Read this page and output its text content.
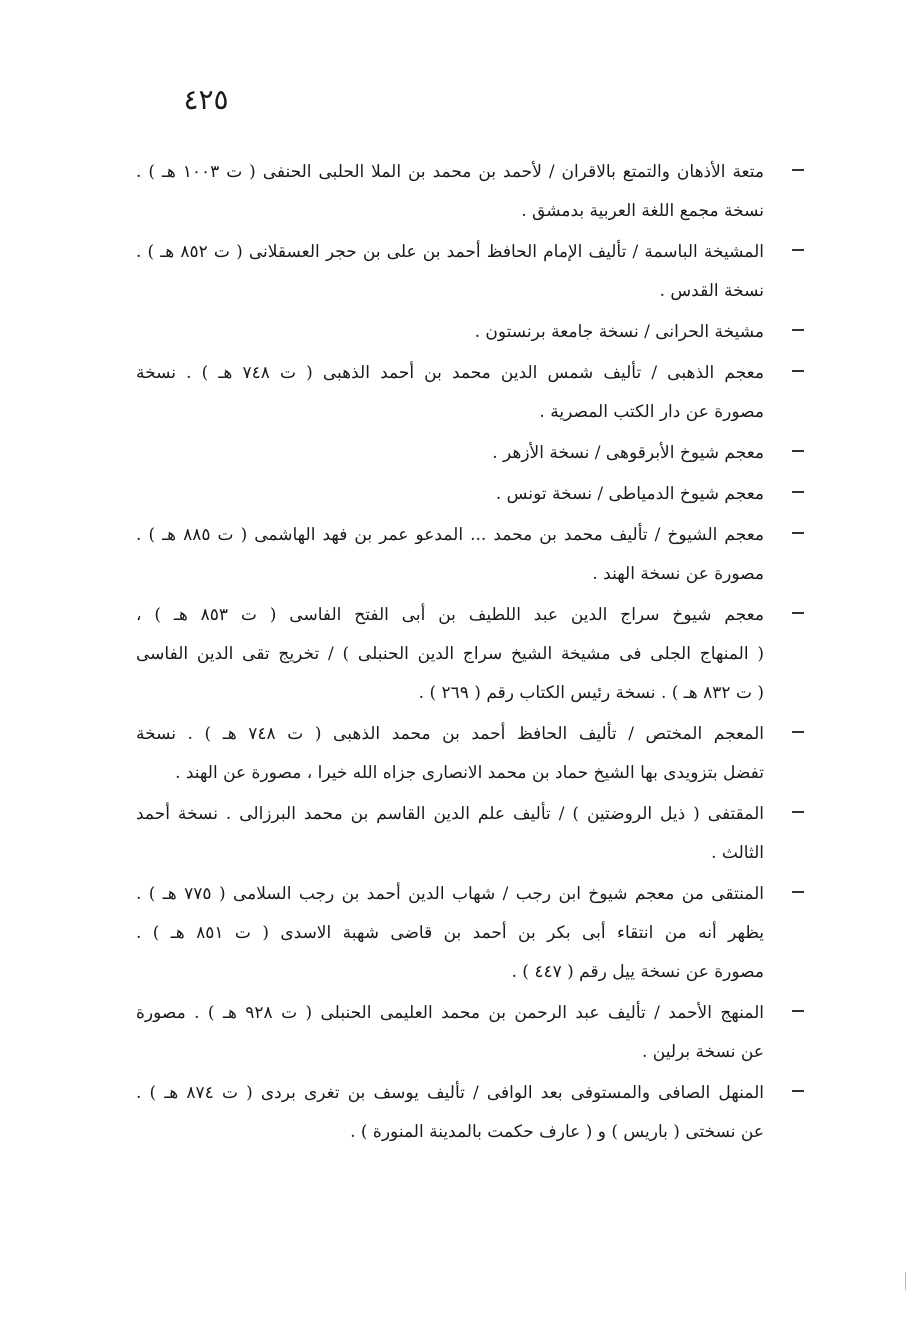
٤٢٥
متعة الأذهان والتمتع بالاقران / لأحمد بن محمد بن الملا الحلبى الحنفى ( ت ١٠٠٣ هـ ) .
نسخة مجمع اللغة العربية بدمشق .
المشيخة الباسمة / تأليف الإمام الحافظ أحمد بن على بن حجر العسقلانى ( ت ٨٥٢ هـ ) .
نسخة القدس .
مشيخة الحرانى / نسخة جامعة برنستون .
معجم الذهبى / تأليف شمس الدين محمد بن أحمد الذهبى ( ت ٧٤٨ هـ ) . نسخة
مصورة عن دار الكتب المصرية .
معجم شيوخ الأبرقوهى / نسخة الأزهر .
معجم شيوخ الدمياطى / نسخة تونس .
معجم الشيوخ / تأليف محمد بن محمد ... المدعو عمر بن فهد الهاشمى ( ت ٨٨٥ هـ ) .
مصورة عن نسخة الهند .
معجم شيوخ سراج الدين عبد اللطيف بن أبى الفتح الفاسى ( ت ٨٥٣ هـ ) ،
( المنهاج الجلى فى مشيخة الشيخ سراج الدين الحنبلى ) / تخريج تقى الدين الفاسى
( ت ٨٣٢ هـ ) . نسخة رئيس الكتاب رقم ( ٢٦٩ ) .
المعجم المختص / تأليف الحافظ أحمد بن محمد الذهبى ( ت ٧٤٨ هـ ) . نسخة
تفضل بتزويدى بها الشيخ حماد بن محمد الانصارى جزاه الله خيرا ، مصورة عن الهند .
المقتفى ( ذيل الروضتين ) / تأليف علم الدين القاسم بن محمد البرزالى . نسخة أحمد
الثالث .
المنتقى من معجم شيوخ ابن رجب / شهاب الدين أحمد بن رجب السلامى ( ٧٧٥ هـ ) .
يظهر أنه من انتقاء أبى بكر بن أحمد بن قاضى شهبة الاسدى ( ت ٨٥١ هـ ) .
مصورة عن نسخة ييل رقم ( ٤٤٧ ) .
المنهج الأحمد / تأليف عبد الرحمن بن محمد العليمى الحنبلى ( ت ٩٢٨ هـ ) . مصورة
عن نسخة برلين .
المنهل الصافى والمستوفى بعد الوافى / تأليف يوسف بن تغرى بردى ( ت ٨٧٤ هـ ) .
عن نسختى ( باريس ) و ( عارف حكمت بالمدينة المنورة ) .
